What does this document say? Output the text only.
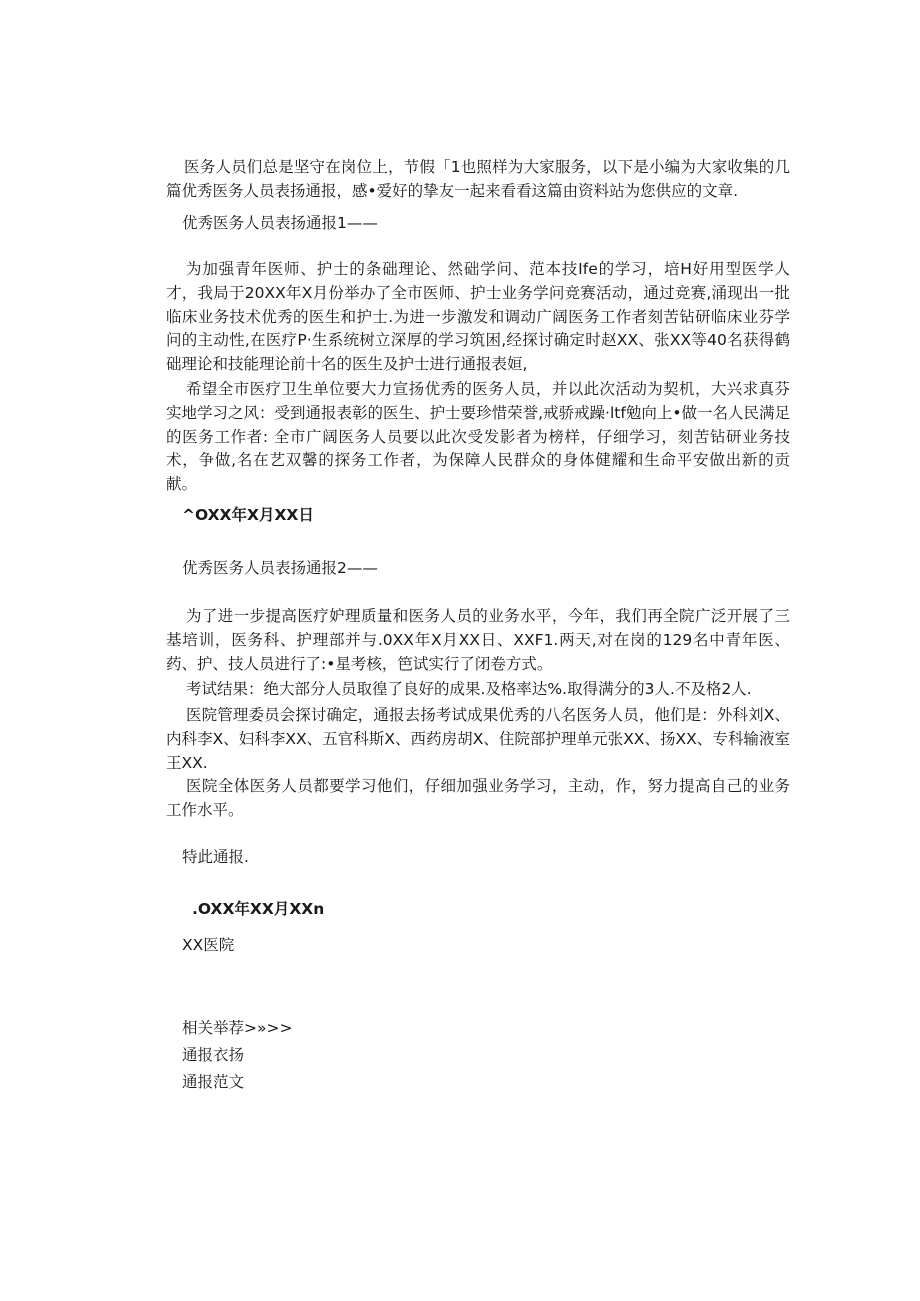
医务人员们总是坚守在岗位上，节假「1也照样为大家服务，以下是小编为大家收集的几篇优秀医务人员表扬通报，感•爱好的挚友一起来看看这篇由资料站为您供应的文章.

优秀医务人员表扬通报1——

为加强青年医师、护士的条础理论、然础学问、范本技Ife的学习，培H好用型医学人才，我局于20XX年X月份举办了全市医师、护士业务学问竞赛活动，通过竞赛,涌现出一批临床业务技术优秀的医生和护士.为进一步激发和调动广阔医务工作者刻苦钻研临床业芬学问的主动性,在医疗P·生系统树立深厚的学习筑困,经探讨确定时赵XX、张XX等40名获得鹤础理论和技能理论前十名的医生及护士进行通报表姮,

希望全市医疗卫生单位要大力宣扬优秀的医务人员，并以此次活动为契机，大兴求真芬实地学习之风：受到通报表彰的医生、护士要珍惜荣誉,戒骄戒躁·ltf勉向上•做一名人民满足的医务工作者: 全市广阔医务人员要以此次受发影者为榜样，仔细学习，刻苦钻研业务技术，争做,名在艺双馨的探务工作者，为保障人民群众的身体健耀和生命平安做出新的贡献。

^OXX年X月XX日

优秀医务人员表扬通报2——

为了进一步提高医疗妒理质量和医务人员的业务水平，今年，我们再全院广泛开展了三基培训，医务科、护理部并与.0XX年X月XX日、XXF1.两天,对在岗的129名中青年医、药、护、技人员进行了:•星考核，笆试实行了闭卷方式。

考试结果：绝大部分人员取徨了良好的成果.及格率达%.取得满分的3人.不及格2人.

医院管理委员会探讨确定，通报去扬考试成果优秀的八名医务人员，他们是：外科刘X、内科李X、妇科李XX、五官科斯X、西药房胡X、住院部护理单元张XX、扬XX、专科输液室王XX.

医院全体医务人员都要学习他们，仔细加强业务学习，主动，作，努力提高自己的业务工作水平。

特此通报.

.OXX年XX月XXn

XX医院

相关举荐>»>>

通报衣扬

通报范文
